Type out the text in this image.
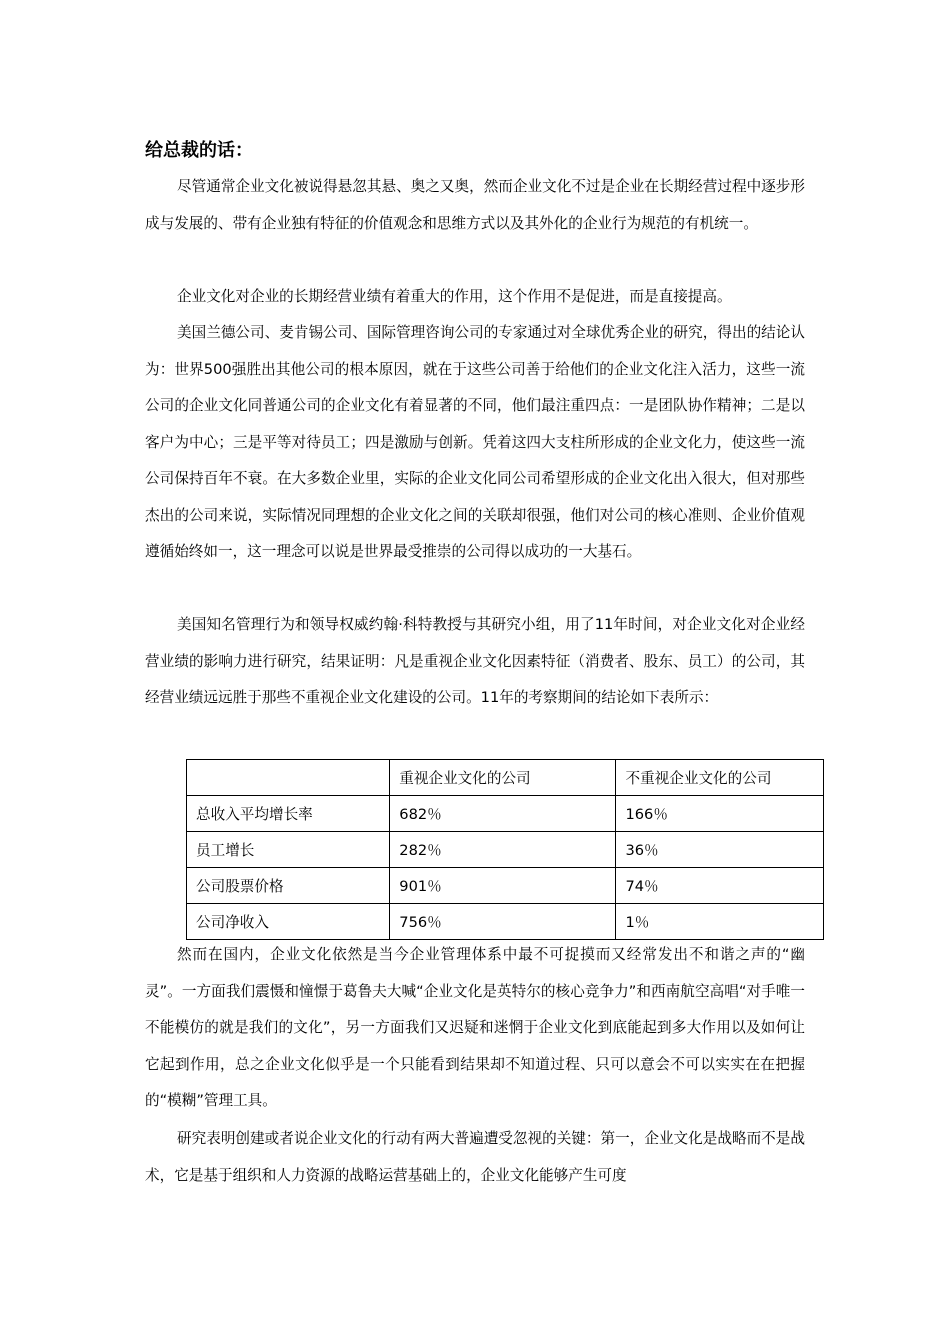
给总裁的话：

尽管通常企业文化被说得悬忽其悬、奥之又奥，然而企业文化不过是企业在长期经营过程中逐步形成与发展的、带有企业独有特征的价值观念和思维方式以及其外化的企业行为规范的有机统一。

企业文化对企业的长期经营业绩有着重大的作用，这个作用不是促进，而是直接提高。

美国兰德公司、麦肯锡公司、国际管理咨询公司的专家通过对全球优秀企业的研究，得出的结论认为：世界500强胜出其他公司的根本原因，就在于这些公司善于给他们的企业文化注入活力，这些一流公司的企业文化同普通公司的企业文化有着显著的不同，他们最注重四点：一是团队协作精神；二是以客户为中心；三是平等对待员工；四是激励与创新。凭着这四大支柱所形成的企业文化力，使这些一流公司保持百年不衰。在大多数企业里，实际的企业文化同公司希望形成的企业文化出入很大，但对那些杰出的公司来说，实际情况同理想的企业文化之间的关联却很强，他们对公司的核心准则、企业价值观遵循始终如一，这一理念可以说是世界最受推崇的公司得以成功的一大基石。

美国知名管理行为和领导权威约翰·科特教授与其研究小组，用了11年时间，对企业文化对企业经营业绩的影响力进行研究，结果证明：凡是重视企业文化因素特征（消费者、股东、员工）的公司，其经营业绩远远胜于那些不重视企业文化建设的公司。11年的考察期间的结论如下表所示：

	重视企业文化的公司	不重视企业文化的公司
总收入平均增长率	682％	166％
员工增长	282％	36％
公司股票价格	901％	74％
公司净收入	756％	1％

然而在国内，企业文化依然是当今企业管理体系中最不可捉摸而又经常发出不和谐之声的“幽灵”。一方面我们震慑和憧憬于葛鲁夫大喊“企业文化是英特尔的核心竞争力”和西南航空高唱“对手唯一不能模仿的就是我们的文化”，另一方面我们又迟疑和迷惘于企业文化到底能起到多大作用以及如何让它起到作用，总之企业文化似乎是一个只能看到结果却不知道过程、只可以意会不可以实实在在把握的“模糊”管理工具。

研究表明创建或者说企业文化的行动有两大普遍遭受忽视的关键：第一，企业文化是战略而不是战术，它是基于组织和人力资源的战略运营基础上的，企业文化能够产生可度
